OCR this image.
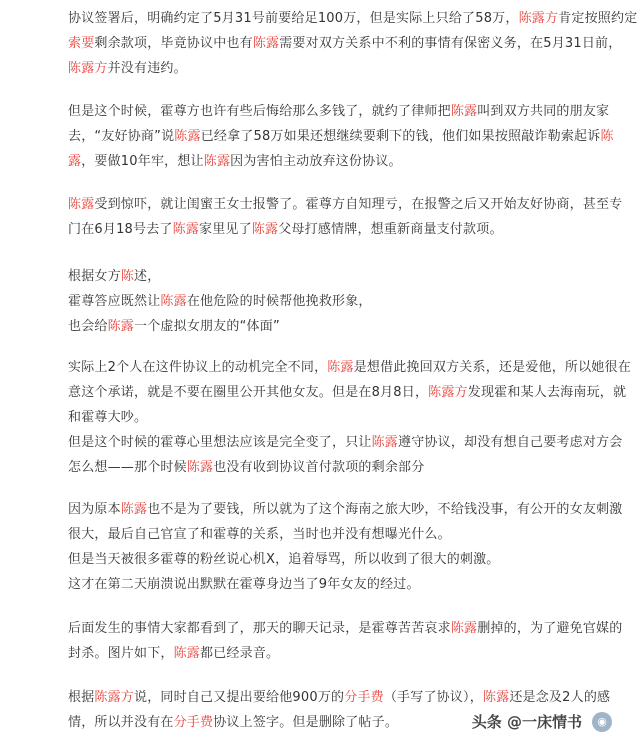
协议签署后，明确约定了5月31号前要给足100万，但是实际上只给了58万，陈露方肯定按照约定
索要剩余款项，毕竟协议中也有陈露需要对双方关系中不利的事情有保密义务，在5月31日前，
陈露方并没有违约。
但是这个时候，霍尊方也许有些后悔给那么多钱了，就约了律师把陈露叫到双方共同的朋友家
去，“友好协商”说陈露已经拿了58万如果还想继续要剩下的钱，他们如果按照敲诈勒索起诉陈
露，要做10年牢，想让陈露因为害怕主动放弃这份协议。
陈露受到惊吓，就让闺蜜王女士报警了。霍尊方自知理亏，在报警之后又开始友好协商，甚至专
门在6月18号去了陈露家里见了陈露父母打感情牌，想重新商量支付款项。
根据女方陈述，
霍尊答应既然让陈露在他危险的时候帮他挽救形象，
也会给陈露一个虚拟女朋友的“体面”
实际上2个人在这件协议上的动机完全不同，陈露是想借此挽回双方关系，还是爱他，所以她很在
意这个承诺，就是不要在圈里公开其他女友。但是在8月8日，陈露方发现霍和某人去海南玩，就
和霍尊大吵。
但是这个时候的霍尊心里想法应该是完全变了，只让陈露遵守协议，却没有想自己要考虑对方会
怎么想——那个时候陈露也没有收到协议首付款项的剩余部分
因为原本陈露也不是为了要钱，所以就为了这个海南之旅大吵，不给钱没事，有公开的女友刺激
很大，最后自己官宣了和霍尊的关系，当时也并没有想曝光什么。
但是当天被很多霍尊的粉丝说心机X，追着辱骂，所以收到了很大的刺激。
这才在第二天崩溃说出默默在霍尊身边当了9年女友的经过。
后面发生的事情大家都看到了，那天的聊天记录，是霍尊苦苦哀求陈露删掉的，为了避免官媒的
封杀。图片如下，陈露都已经录音。
根据陈露方说，同时自己又提出要给他900万的分手费（手写了协议），陈露还是念及2人的感
情，所以并没有在分手费协议上签字。但是删除了帖子。	头条 @一床情书	◉
